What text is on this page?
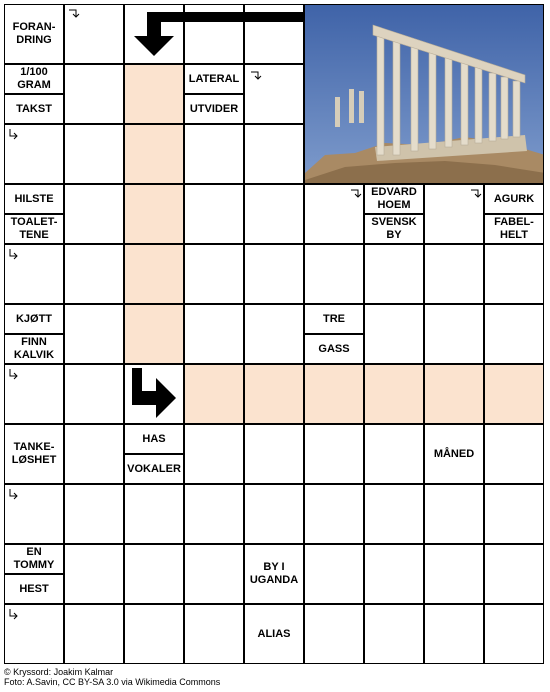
FORAN-
DRING
1/100
GRAM
TAKST
LATERAL
UTVIDER
HILSTE
TOALET-
TENE
EDVARD
HOEM
SVENSK
BY
AGURK
FABEL-
HELT
KJØTT
FINN
KALVIK
TRE
GASS
TANKE-
LØSHET
HAS
VOKALER
MÅNED
EN
TOMMY
HEST
BY I
UGANDA
ALIAS
© Kryssord: Joakim Kalmar
Foto: A.Savin, CC BY-SA 3.0 via Wikimedia Commons
